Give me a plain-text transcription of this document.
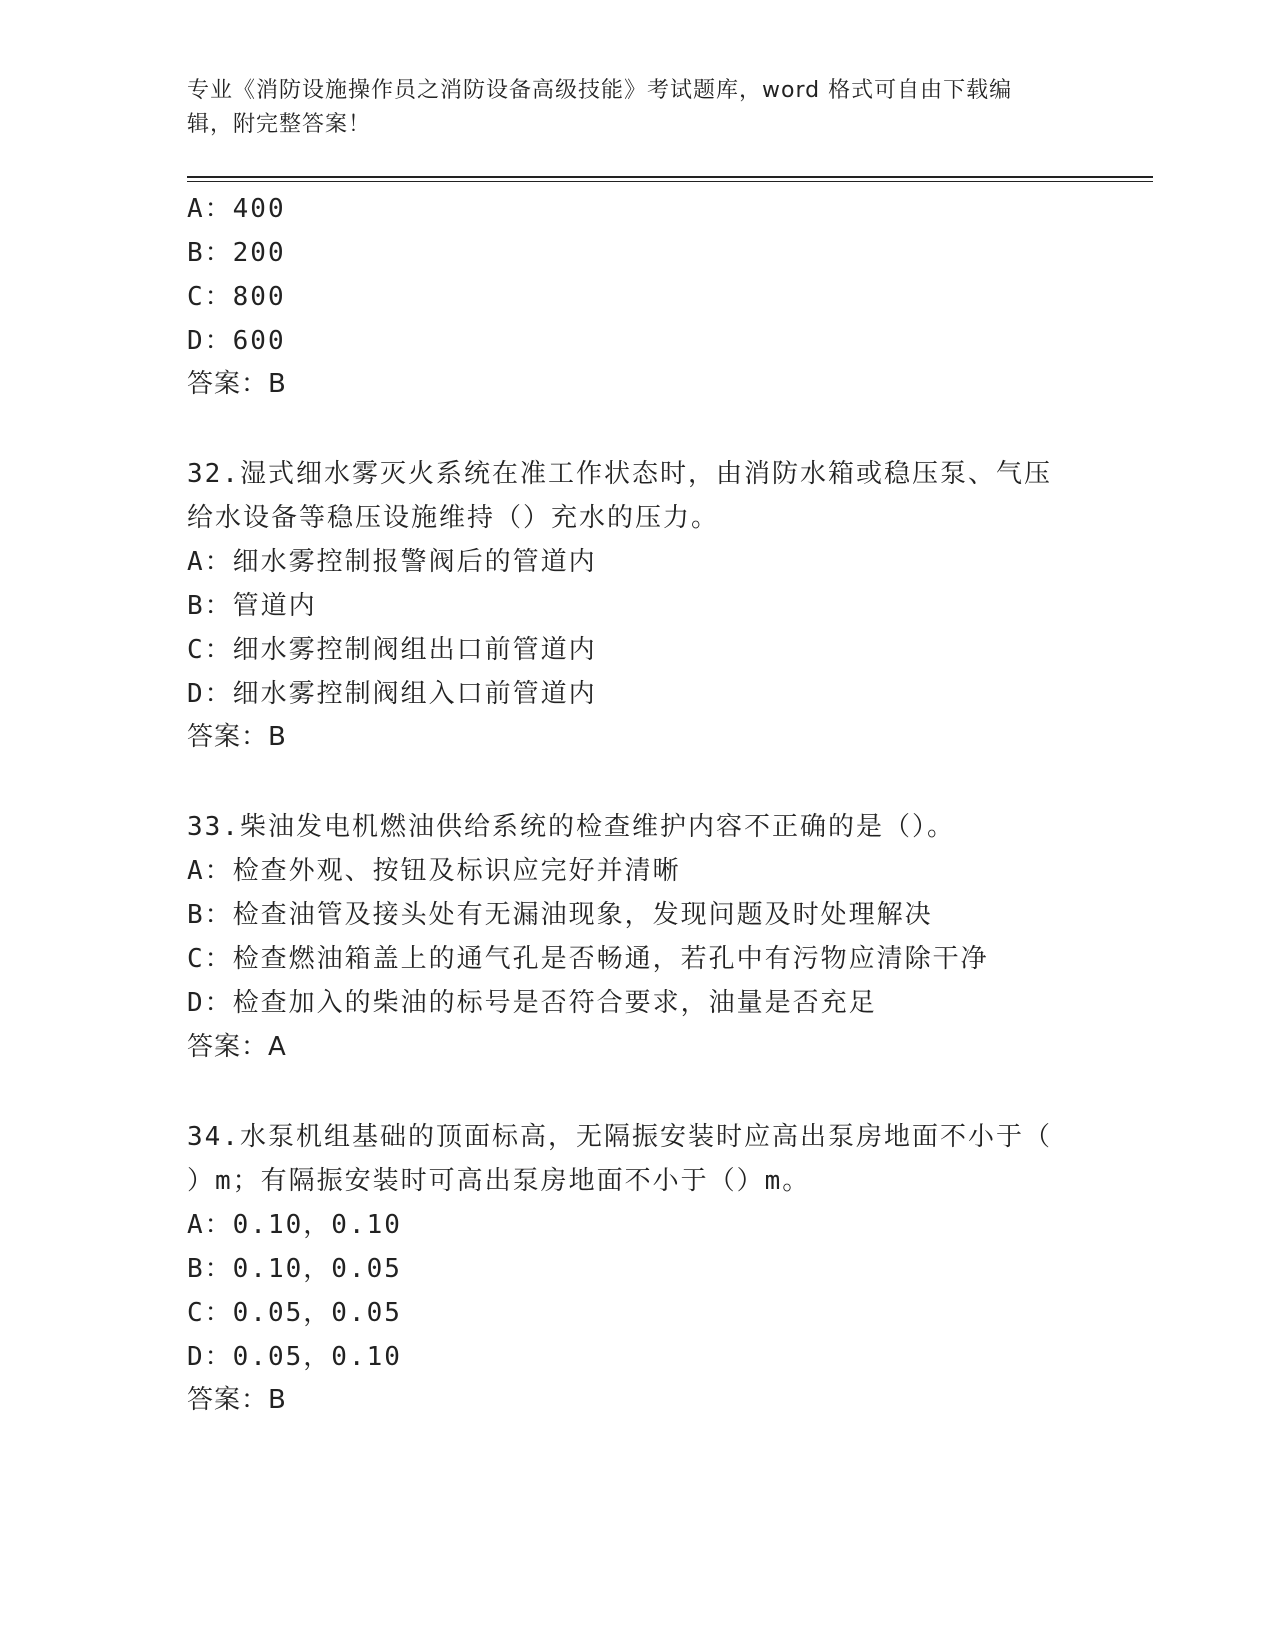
专业《消防设施操作员之消防设备高级技能》考试题库，word 格式可自由下载编
辑，附完整答案！
A：400
B：200
C：800
D：600
答案：B
32.湿式细水雾灭火系统在准工作状态时，由消防水箱或稳压泵、气压
给水设备等稳压设施维持（）充水的压力。
A：细水雾控制报警阀后的管道内
B：管道内
C：细水雾控制阀组出口前管道内
D：细水雾控制阀组入口前管道内
答案：B
33.柴油发电机燃油供给系统的检查维护内容不正确的是（）。
A：检查外观、按钮及标识应完好并清晰
B：检查油管及接头处有无漏油现象，发现问题及时处理解决
C：检查燃油箱盖上的通气孔是否畅通，若孔中有污物应清除干净
D：检查加入的柴油的标号是否符合要求，油量是否充足
答案：A
34.水泵机组基础的顶面标高，无隔振安装时应高出泵房地面不小于（
）m；有隔振安装时可高出泵房地面不小于（）m。
A：0.10，0.10
B：0.10，0.05
C：0.05，0.05
D：0.05，0.10
答案：B
